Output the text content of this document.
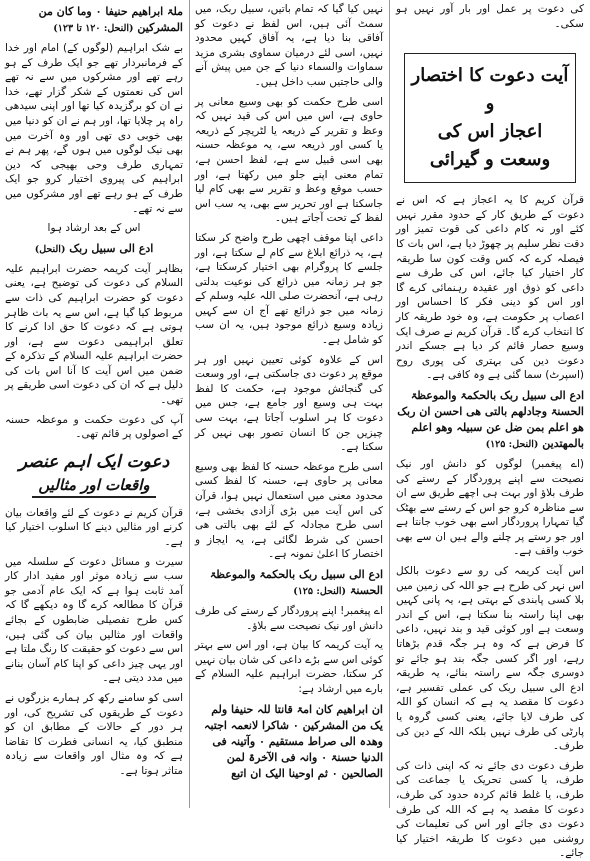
کی دعوت پر عمل اور بار آور نہیں ہو سکی۔

آیت دعوت کا اختصار و
اعجاز اس کی وسعت و گیرائی

قرآن کریم کا یہ اعجاز ہے کہ اس نے دعوت کے طریق کار کے حدود مقرر نہیں کئے اور نہ کام داعی کی قوت تمیز اور دقت نظر سلیم پر چھوڑ دیا ہے، اس بات کا فیصلہ کرے کہ کس وقت کون سا طریقہ کار اختیار کیا جائے، اس کی طرف سے داعی کو ذوق اور عقیدہ رہنمائی کرے گا اور اس کو دینی فکر کا احساس اور اعصاب پر حکومت ہے، وہ خود طریقہ کار کا انتخاب کرے گا۔ قرآن کریم نے صرف ایک وسیع حصار قائم کر دیا ہے جسکے اندر دعوت دین کی بہتری کی پوری روح (اسپرٹ) سما گئی ہے وہ کافی ہے۔

ادع الی سبیل ربک بالحکمۃ والموعظۃ الحسنۃ وجادلھم بالتی ھی احسن ان ربک ھو اعلم بمن ضل عن سبیلہ وھو اعلم بالمھتدین (النحل: ۱۲۵)

(اے پیغمبر) لوگوں کو دانش اور نیک نصیحت سے اپنے پروردگار کے رستے کی طرف بلاؤ اور بہت ہی اچھے طریق سے ان سے مناظرہ کرو جو اس کے رستے سے بھٹک گیا تمہارا پروردگار اسے بھی خوب جانتا ہے اور جو رستے پر چلنے والے ہیں ان سے بھی خوب واقف ہے۔

اس آیت کریمہ کی رو سے دعوت بالکل اس نہر کی طرح ہے جو اللہ کی زمین میں بلا کسی پابندی کے بہتی ہے، یہ پانی کہیں بھی اپنا راستہ بنا سکتا ہے، اس کے اندر وسعت ہے اور کوئی قید و بند نہیں، داعی کا فرض ہے کہ وہ ہر جگہ قدم بڑھاتا رہے، اور اگر کسی جگہ بند ہو جائے تو دوسری جگہ سے راستہ بنائے، یہ طریقہ ادع الی سبیل ربک کی عملی تفسیر ہے، دعوت کا مقصد یہ ہے کہ انسان کو اللہ کی طرف لایا جائے، یعنی کسی گروہ یا پارٹی کی طرف نہیں بلکہ اللہ کے دین کی طرف۔

طرف دعوت دی جائے نہ کہ اپنی ذات کی طرف، یا کسی تحریک یا جماعت کی طرف، یا غلط قائم کردہ حدود کی طرف، دعوت کا مقصد یہ ہے کہ اللہ کی طرف دعوت دی جائے اور اس کی تعلیمات کی روشنی میں دعوت کا طریقہ اختیار کیا جائے۔

نہیں کیا گیا کہ تمام باتیں، سبیل ربک، میں سمٹ آئی ہیں، اس لفظ نے دعوت کو آفاقی بنا دیا ہے، یہ آفاق کہیں محدود نہیں، اسی لئے درمیان سماوی بشری مزید سماوات والسماء دنیا کے جن میں پیش آنے والی حاجتیں سب داخل ہیں۔

اسی طرح حکمت کو بھی وسیع معانی پر حاوی ہے، اس میں اس کی قید نہیں کہ وعظ و تقریر کے ذریعہ یا لٹریچر کے ذریعہ یا کسی اور ذریعہ سے، یہ موعظہ حسنہ بھی اسی قبیل سے ہے، لفظ احسن ہے، تمام معنی اپنے جلو میں رکھتا ہے، اور حسب موقع وعظ و تقریر سے بھی کام لیا جاسکتا ہے اور تحریر سے بھی، یہ سب اس لفظ کے تحت آجاتے ہیں۔

داعی اپنا موقف اچھی طرح واضح کر سکتا ہے، یہ ذرائع ابلاغ سے کام لے سکتا ہے، اور جلسے کا پروگرام بھی اختیار کرسکتا ہے، جو ہر زمانہ میں ذرائع کی نوعیت بدلتی رہی ہے، آنحضرت صلی اللہ علیہ وسلم کے زمانہ میں جو ذرائع تھے آج ان سے کہیں زیادہ وسیع ذرائع موجود ہیں، یہ ان سب کو شامل ہے۔

اس کے علاوہ کوئی تعیین نہیں اور ہر موقع پر دعوت دی جاسکتی ہے، اور وسعت کی گنجائش موجود ہے، حکمت کا لفظ بہت ہی وسیع اور جامع ہے، جس میں دعوت کا ہر اسلوب آجاتا ہے، بہت سی چیزیں جن کا انسان تصور بھی نہیں کر سکتا ہے۔

اسی طرح موعظہ حسنہ کا لفظ بھی وسیع معانی پر حاوی ہے، حسنہ کا لفظ کسی محدود معنی میں استعمال نہیں ہوا، قرآن کی اس آیت میں بڑی آزادی بخشی ہے، اسی طرح مجادلہ کے لئے بھی بالتی ھی احسن کی شرط لگائی ہے، یہ ایجاز و اختصار کا اعلیٰ نمونہ ہے۔

ادع الی سبیل ربک بالحکمۃ والموعظۃ الحسنۃ (النحل: ۱۲۵)

اے پیغمبر! اپنے پروردگار کے رستے کی طرف دانش اور نیک نصیحت سے بلاؤ۔

یہ آیت کریمہ کا بیان ہے، اور اس سے بہتر کوئی اس سے بڑے داعی کی شان بیان نہیں کر سکتا، حضرت ابراہیم علیہ السلام کے بارے میں ارشاد ہے:

ان ابراھیم کان امۃ قانتا للہ حنیفا ولم یک من المشرکین ۰ شاکرا لانعمہ اجتبہ وھدہ الی صراط مستقیم ۰ وآتینہ فی الدنیا حسنۃ ۰ وانہ فی الآخرۃ لمن الصالحین ۰ ثم اوحینا الیک ان اتبع

ملۃ ابراھیم حنیفا ۰ وما کان من المشرکین (النحل: ۱۲۰ تا ۱۲۳)

بے شک ابراہیم (لوگوں کے) امام اور خدا کے فرمانبردار تھے جو ایک طرف کے ہو رہے تھے اور مشرکوں میں سے نہ تھے اس کی نعمتوں کے شکر گزار تھے، خدا نے ان کو برگزیدہ کیا تھا اور اپنی سیدھی راہ پر چلایا تھا، اور ہم نے ان کو دنیا میں بھی خوبی دی تھی اور وہ آخرت میں بھی نیک لوگوں میں ہوں گے، پھر ہم نے تمہاری طرف وحی بھیجی کہ دین ابراہیم کی پیروی اختیار کرو جو ایک طرف کے ہو رہے تھے اور مشرکوں میں سے نہ تھے۔

اس کے بعد ارشاد ہوا

ادع الی سبیل ربک (النحل)

بظاہر آیت کریمہ حضرت ابراہیم علیہ السلام کی دعوت کی توضیح ہے، یعنی دعوت کو حضرت ابراہیم کی ذات سے مربوط کیا گیا ہے، اس سے یہ بات ظاہر ہوتی ہے کہ دعوت کا حق ادا کرنے کا تعلق ابراہیمی دعوت سے ہے، اور حضرت ابراہیم علیہ السلام کے تذکرہ کے ضمن میں اس آیت کا آنا اس بات کی دلیل ہے کہ ان کی دعوت اسی طریقے پر تھی۔

آپ کی دعوت حکمت و موعظہ حسنہ کے اصولوں پر قائم تھی۔

دعوت ایک اہم عنصر
واقعات اور مثالیں

قرآن کریم نے دعوت کے لئے واقعات بیان کرنے اور مثالیں دینے کا اسلوب اختیار کیا ہے۔

سیرت و مسائل دعوت کے سلسلہ میں سب سے زیادہ موثر اور مفید ادار کار آمد ثابت ہوا ہے کہ ایک عام آدمی جو قرآن کا مطالعہ کرے گا وہ دیکھے گا کہ کس طرح تفصیلی ضابطوں کے بجائے واقعات اور مثالیں بیان کی گئی ہیں، اس سے دعوت کو حقیقت کا رنگ ملتا ہے اور یہی چیز داعی کو اپنا کام آسان بنانے میں مدد دیتی ہے۔

اسی کو سامنے رکھ کر ہمارے بزرگوں نے دعوت کے طریقوں کی تشریح کی، اور ہر دور کے حالات کے مطابق ان کو منطبق کیا، یہ انسانی فطرت کا تقاضا ہے کہ وہ مثال اور واقعات سے زیادہ متاثر ہوتا ہے۔
